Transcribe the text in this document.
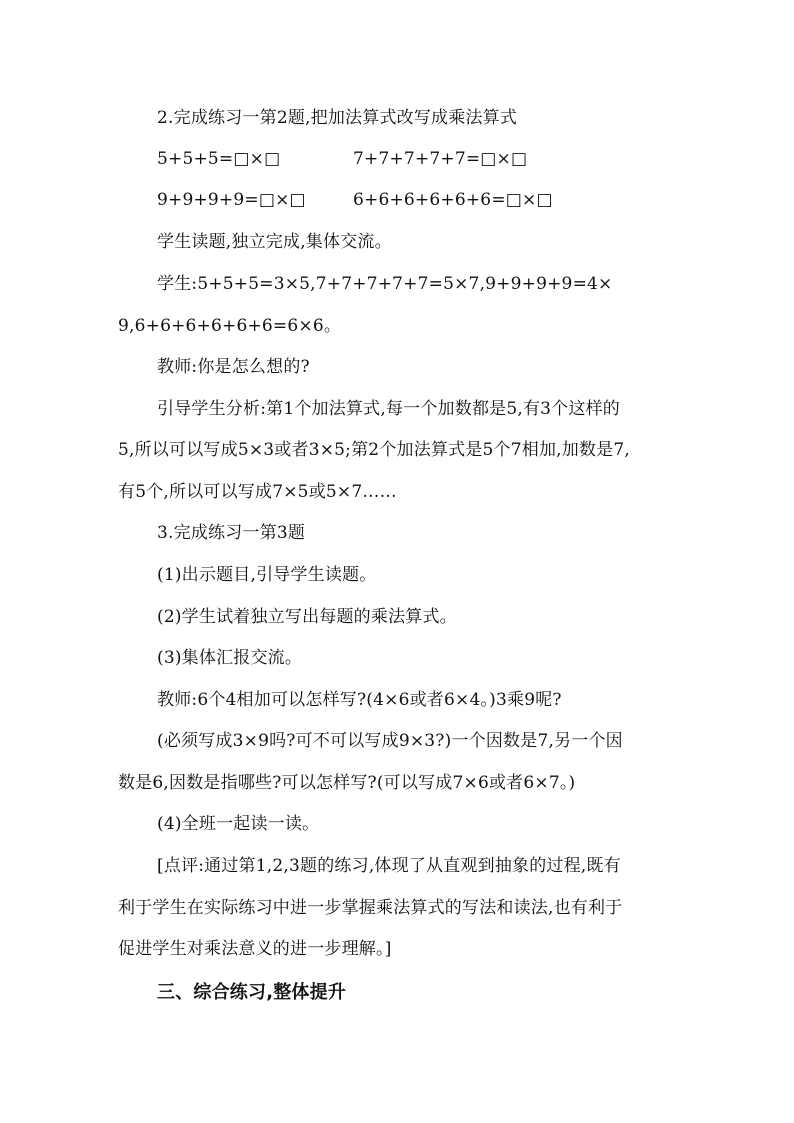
2.完成练习一第2题,把加法算式改写成乘法算式
5+5+5=□×□	7+7+7+7+7=□×□
9+9+9+9=□×□	6+6+6+6+6+6=□×□
学生读题,独立完成,集体交流。
学生:5+5+5=3×5,7+7+7+7+7=5×7,9+9+9+9=4×
9,6+6+6+6+6+6=6×6。
教师:你是怎么想的?
引导学生分析:第1个加法算式,每一个加数都是5,有3个这样的
5,所以可以写成5×3或者3×5;第2个加法算式是5个7相加,加数是7,
有5个,所以可以写成7×5或5×7……
3.完成练习一第3题
(1)出示题目,引导学生读题。
(2)学生试着独立写出每题的乘法算式。
(3)集体汇报交流。
教师:6个4相加可以怎样写?(4×6或者6×4。)3乘9呢?
(必须写成3×9吗?可不可以写成9×3?)一个因数是7,另一个因
数是6,因数是指哪些?可以怎样写?(可以写成7×6或者6×7。)
(4)全班一起读一读。
[点评:通过第1,2,3题的练习,体现了从直观到抽象的过程,既有
利于学生在实际练习中进一步掌握乘法算式的写法和读法,也有利于
促进学生对乘法意义的进一步理解。]
三、综合练习,整体提升
